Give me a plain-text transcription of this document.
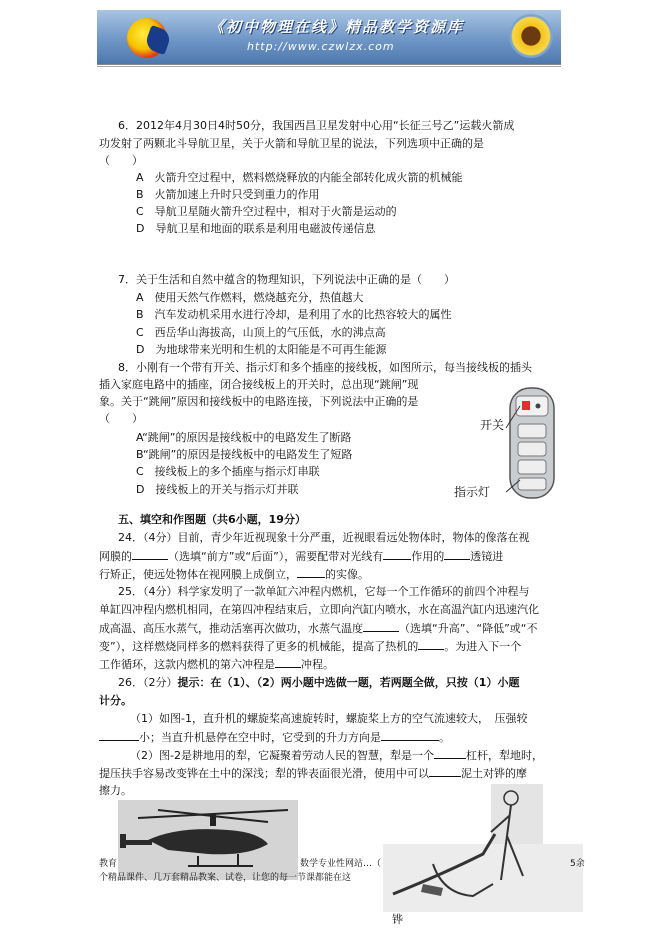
《初中物理在线》精品教学资源库
http://www.czwlzx.com
6．2012年4月30日4时50分，我国西昌卫星发射中心用“长征三号乙”运载火箭成
功发射了两颗北斗导航卫星，关于火箭和导航卫星的说法，下列选项中正确的是
（　　）
A　火箭升空过程中，燃料燃烧释放的内能全部转化成火箭的机械能
B　火箭加速上升时只受到重力的作用
C　导航卫星随火箭升空过程中，相对于火箭是运动的
D　导航卫星和地面的联系是利用电磁波传递信息
7．关于生活和自然中蕴含的物理知识，下列说法中正确的是（　　）
A　使用天然气作燃料，燃烧越充分，热值越大
B　汽车发动机采用水进行冷却，是利用了水的比热容较大的属性
C　西岳华山海拔高，山顶上的气压低，水的沸点高
D　为地球带来光明和生机的太阳能是不可再生能源
8．小刚有一个带有开关、指示灯和多个插座的接线板，如图所示，每当接线板的插头
插入家庭电路中的插座，闭合接线板上的开关时，总出现“跳闸”现
象。关于“跳闸”原因和接线板中的电路连接，下列说法中正确的是
（　　）
A“跳闸”的原因是接线板中的电路发生了断路
B“跳闸”的原因是接线板中的电路发生了短路
C　接线板上的多个插座与指示灯串联
D　接线板上的开关与指示灯并联
开关
指示灯
五、填空和作图题（共6小题，19分）
24．（4分）目前，青少年近视现象十分严重，近视眼看远处物体时，物体的像落在视
网膜的	（选填“前方”或“后面”），需要配带对光线有	作用的 透镜进
行矫正，使远处物体在视网膜上成倒立，	的实像。
25．（4分）科学家发明了一款单缸六冲程内燃机，它每一个工作循环的前四个冲程与
单缸四冲程内燃机相同，在第四冲程结束后，立即向汽缸内喷水，水在高温汽缸内迅速汽化
成高温、高压水蒸气，推动活塞再次做功，水蒸气温度	（选填“升高”、“降低”或“不
变”），这样燃烧同样多的燃料获得了更多的机械能，提高了热机的 。为进入下一个
工作循环，这款内燃机的第六冲程是 冲程。
26．（2分）提示：在（1）、（2）两小题中选做一题，若两题全做，只按（1）小题
计分。
（1）如图-1，直升机的螺旋桨高速旋转时，螺旋桨上方的空气流速较大，　压强较
小；当直升机悬停在空中时，它受到的升力方向是	。
（2）图-2是耕地用的犁，它凝聚着劳动人民的智慧，犁是一个	杠杆，犁地时，
提压扶手容易改变铧在土中的深浅；犁的铧表面很光滑，使用中可以	泥土对铧的摩
擦力。
教育	数学专业性网站…（	5余
个精品课件、几万套精品教案、试卷，让您的每一节课都能在这
铧
